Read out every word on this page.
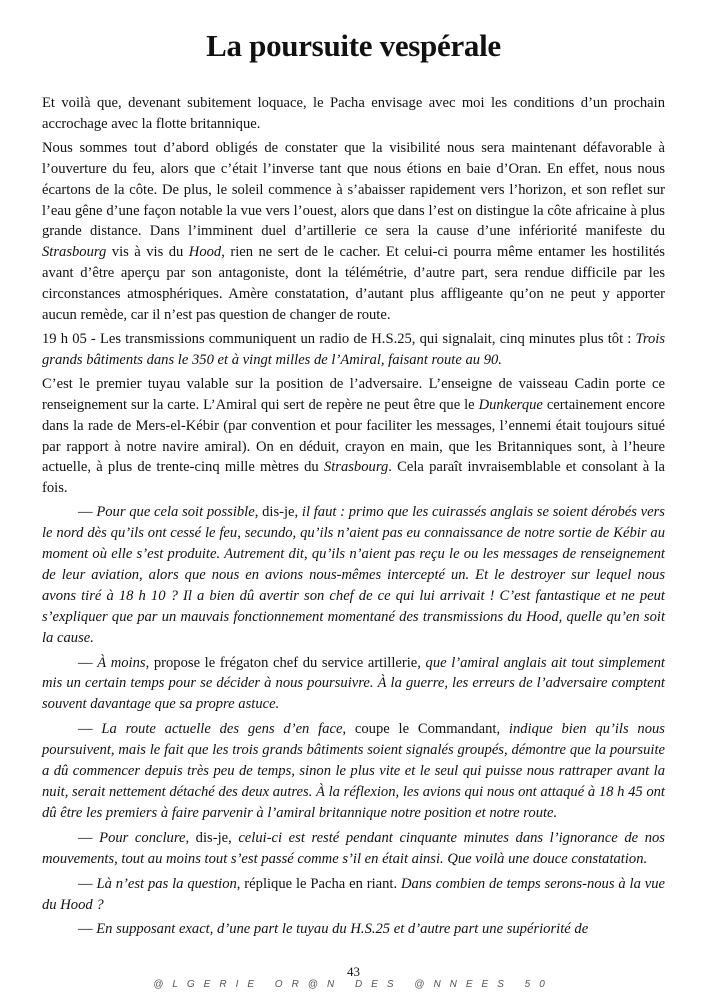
La poursuite vespérale

Et voilà que, devenant subitement loquace, le Pacha envisage avec moi les conditions d’un prochain accrochage avec la flotte britannique.

Nous sommes tout d’abord obligés de constater que la visibilité nous sera maintenant défavorable à l’ouverture du feu, alors que c’était l’inverse tant que nous étions en baie d’Oran. En effet, nous nous écartons de la côte. De plus, le soleil commence à s’abaisser rapidement vers l’horizon, et son reflet sur l’eau gêne d’une façon notable la vue vers l’ouest, alors que dans l’est on distingue la côte africaine à plus grande distance. Dans l’imminent duel d’artillerie ce sera la cause d’une infériorité manifeste du Strasbourg vis à vis du Hood, rien ne sert de le cacher. Et celui-ci pourra même entamer les hostilités avant d’être aperçu par son antagoniste, dont la télémétrie, d’autre part, sera rendue difficile par les circonstances atmosphériques. Amère constatation, d’autant plus affligeante qu’on ne peut y apporter aucun remède, car il n’est pas question de changer de route.

19 h 05 - Les transmissions communiquent un radio de H.S.25, qui signalait, cinq minutes plus tôt : Trois grands bâtiments dans le 350 et à vingt milles de l’Amiral, faisant route au 90.

C’est le premier tuyau valable sur la position de l’adversaire. L’enseigne de vaisseau Cadin porte ce renseignement sur la carte. L’Amiral qui sert de repère ne peut être que le Dunkerque certainement encore dans la rade de Mers-el-Kébir (par convention et pour faciliter les messages, l’ennemi était toujours situé par rapport à notre navire amiral). On en déduit, crayon en main, que les Britanniques sont, à l’heure actuelle, à plus de trente-cinq mille mètres du Strasbourg. Cela paraît invraisemblable et consolant à la fois.

— Pour que cela soit possible, dis-je, il faut : primo que les cuirassés anglais se soient dérobés vers le nord dès qu’ils ont cessé le feu, secundo, qu’ils n’aient pas eu connaissance de notre sortie de Kébir au moment où elle s’est produite. Autrement dit, qu’ils n’aient pas reçu le ou les messages de renseignement de leur aviation, alors que nous en avions nous-mêmes intercepté un. Et le destroyer sur lequel nous avons tiré à 18 h 10 ? Il a bien dû avertir son chef de ce qui lui arrivait ! C’est fantastique et ne peut s’expliquer que par un mauvais fonctionnement momentané des transmissions du Hood, quelle qu’en soit la cause.

— À moins, propose le frégaton chef du service artillerie, que l’amiral anglais ait tout simplement mis un certain temps pour se décider à nous poursuivre. À la guerre, les erreurs de l’adversaire comptent souvent davantage que sa propre astuce.

— La route actuelle des gens d’en face, coupe le Commandant, indique bien qu’ils nous poursuivent, mais le fait que les trois grands bâtiments soient signalés groupés, démontre que la poursuite a dû commencer depuis très peu de temps, sinon le plus vite et le seul qui puisse nous rattraper avant la nuit, serait nettement détaché des deux autres. À la réflexion, les avions qui nous ont attaqué à 18 h 45 ont dû être les premiers à faire parvenir à l’amiral britannique notre position et notre route.

— Pour conclure, dis-je, celui-ci est resté pendant cinquante minutes dans l’ignorance de nos mouvements, tout au moins tout s’est passé comme s’il en était ainsi. Que voilà une douce constatation.

— Là n’est pas la question, réplique le Pacha en riant. Dans combien de temps serons-nous à la vue du Hood ?

— En supposant exact, d’une part le tuyau du H.S.25 et d’autre part une supériorité de

43
@LGERIE OR@N DES @NNEES 50
